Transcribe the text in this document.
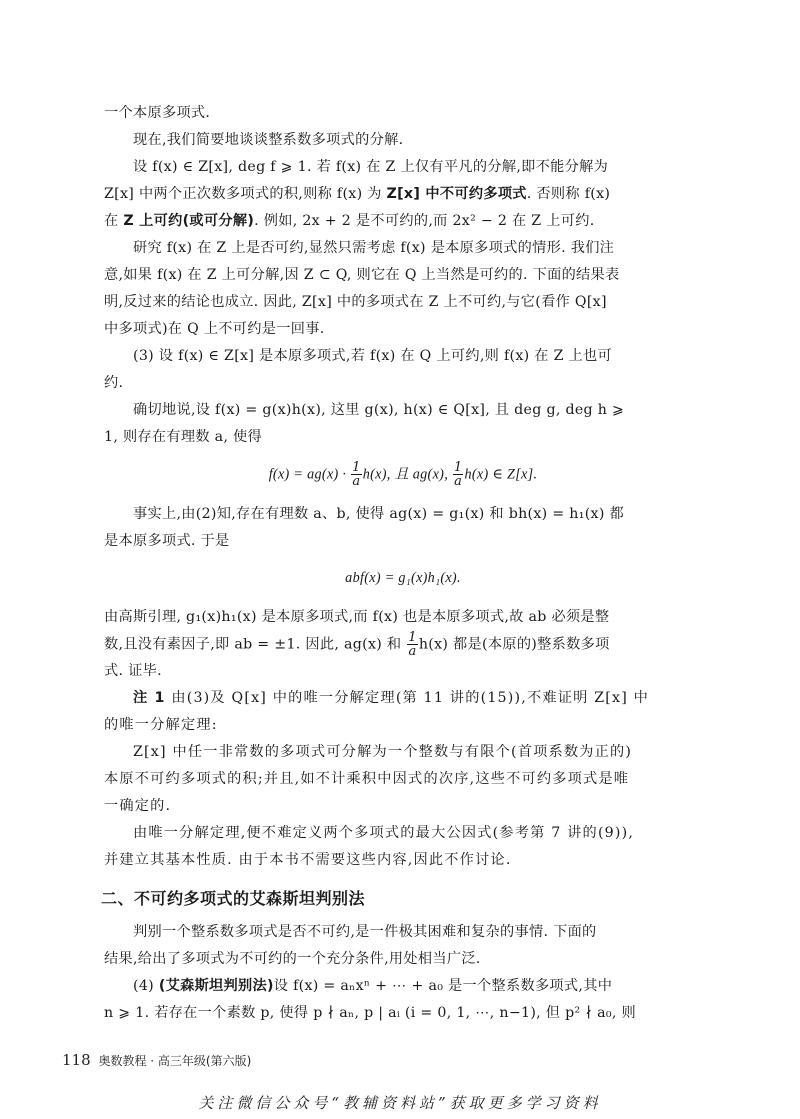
一个本原多项式.

现在,我们简要地谈谈整系数多项式的分解.

设 f(x) ∈ Z[x], deg f ⩾ 1. 若 f(x) 在 Z 上仅有平凡的分解,即不能分解为

Z[x] 中两个正次数多项式的积,则称 f(x) 为 Z[x] 中不可约多项式. 否则称 f(x)

在 Z 上可约(或可分解). 例如, 2x + 2 是不可约的,而 2x² − 2 在 Z 上可约.

研究 f(x) 在 Z 上是否可约,显然只需考虑 f(x) 是本原多项式的情形. 我们注

意,如果 f(x) 在 Z 上可分解,因 Z ⊂ Q, 则它在 Q 上当然是可约的. 下面的结果表

明,反过来的结论也成立. 因此, Z[x] 中的多项式在 Z 上不可约,与它(看作 Q[x]

中多项式)在 Q 上不可约是一回事.

(3) 设 f(x) ∈ Z[x] 是本原多项式,若 f(x) 在 Q 上可约,则 f(x) 在 Z 上也可

约.

确切地说,设 f(x) = g(x)h(x), 这里 g(x), h(x) ∈ Q[x], 且 deg g, deg h ⩾

1, 则存在有理数 a, 使得

$f(x) = ag(x) \cdot \frac{1}{a} h(x)$, 且 ag(x), $\frac{1}{a} h(x)$ ∈ Z[x].

事实上,由(2)知,存在有理数 a、b, 使得 ag(x) = g₁(x) 和 bh(x) = h₁(x) 都

是本原多项式. 于是

abf(x) = g₁(x)h₁(x).

由高斯引理, g₁(x)h₁(x) 是本原多项式,而 f(x) 也是本原多项式,故 ab 必须是整

数,且没有素因子,即 ab = ±1. 因此, ag(x) 和 $\frac{1}{a} h(x)$ 都是(本原的)整系数多项

式. 证毕.

注 1 由(3)及 Q[x] 中的唯一分解定理(第 11 讲的(15)),不难证明 Z[x] 中

的唯一分解定理:

Z[x] 中任一非常数的多项式可分解为一个整数与有限个(首项系数为正的)

本原不可约多项式的积;并且,如不计乘积中因式的次序,这些不可约多项式是唯

一确定的.

由唯一分解定理,便不难定义两个多项式的最大公因式(参考第 7 讲的(9)),

并建立其基本性质. 由于本书不需要这些内容,因此不作讨论.

二、不可约多项式的艾森斯坦判别法

判别一个整系数多项式是否不可约,是一件极其困难和复杂的事情. 下面的

结果,给出了多项式为不可约的一个充分条件,用处相当广泛.

(4) (艾森斯坦判别法)设 f(x) = aₙxⁿ + ⋯ + a₀ 是一个整系数多项式,其中

n ⩾ 1. 若存在一个素数 p, 使得 p ∤ aₙ, p | aᵢ (i = 0, 1, ⋯, n−1), 但 p² ∤ a₀, 则

118 奥数教程 · 高三年级(第六版)
关注微信公众号“教辅资料站”获取更多学习资料
